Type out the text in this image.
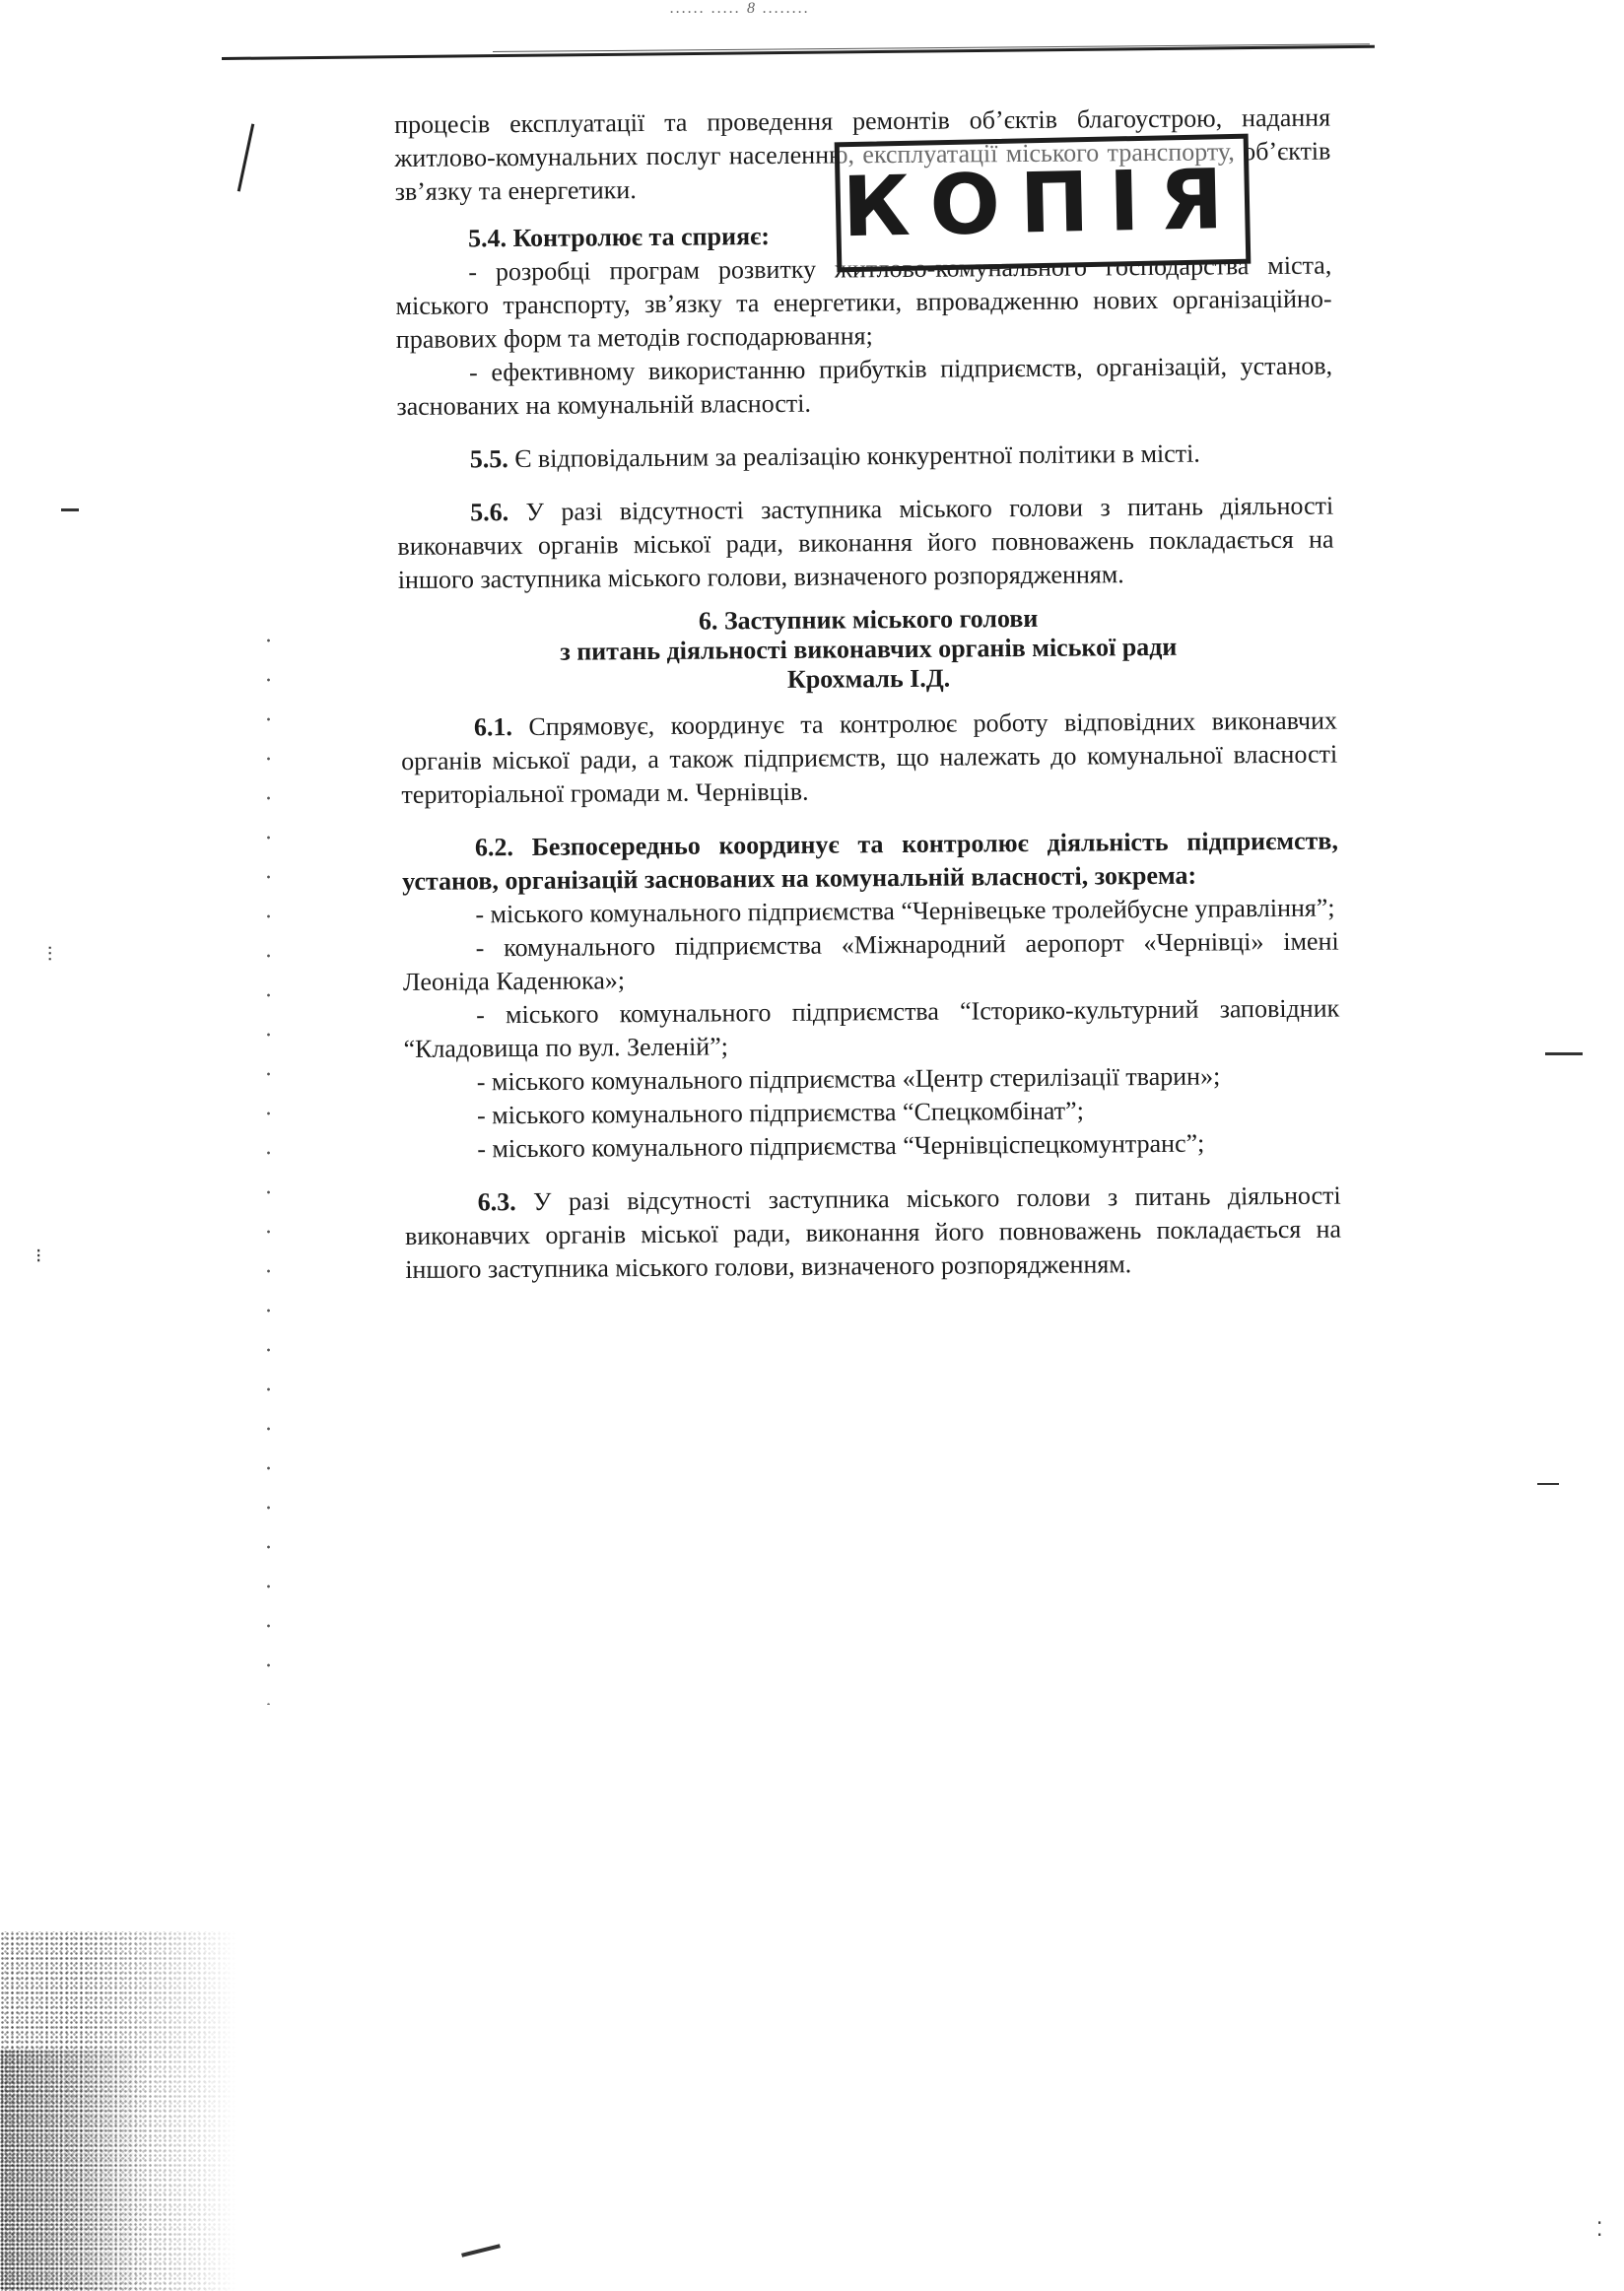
...... ..... 8 ........

процесів експлуатації та проведення ремонтів об’єктів благоустрою, надання житлово-комунальних послуг населенню, експлуатації міського транспорту, об’єктів зв’язку та енергетики.

5.4. Контролює та сприяє:

- розробці програм розвитку житлово-комунального господарства міста, міського транспорту, зв’язку та енергетики, впровадженню нових організаційно-правових форм та методів господарювання;

- ефективному використанню прибутків підприємств, організацій, установ, заснованих на комунальній власності.

5.5. Є відповідальним за реалізацію конкурентної політики в місті.

5.6. У разі відсутності заступника міського голови з питань діяльності виконавчих органів міської ради, виконання його повноважень покладається на іншого заступника міського голови, визначеного розпорядженням.

6. Заступник міського голови

з питань діяльності виконавчих органів міської ради

Крохмаль І.Д.

6.1. Спрямовує, координує та контролює роботу відповідних виконавчих органів міської ради, а також підприємств, що належать до комунальної власності територіальної громади м. Чернівців.

6.2. Безпосередньо координує та контролює діяльність підприємств, установ, організацій заснованих на комунальній власності, зокрема:

- міського комунального підприємства “Чернівецьке тролейбусне управління”;

- комунального підприємства «Міжнародний аеропорт «Чернівці» імені Леоніда Каденюка»;

- міського комунального підприємства “Історико-культурний заповідник “Кладовища по вул. Зеленій”;

- міського комунального підприємства «Центр стерилізації тварин»;

- міського комунального підприємства “Спецкомбінат”;

- міського комунального підприємства “Чернівціспецкомунтранс”;

6.3. У разі відсутності заступника міського голови з питань діяльності виконавчих органів міської ради, виконання його повноважень покладається на іншого заступника міського голови, визначеного розпорядженням.

КОПІЯ
⫶
⁝
⁚
